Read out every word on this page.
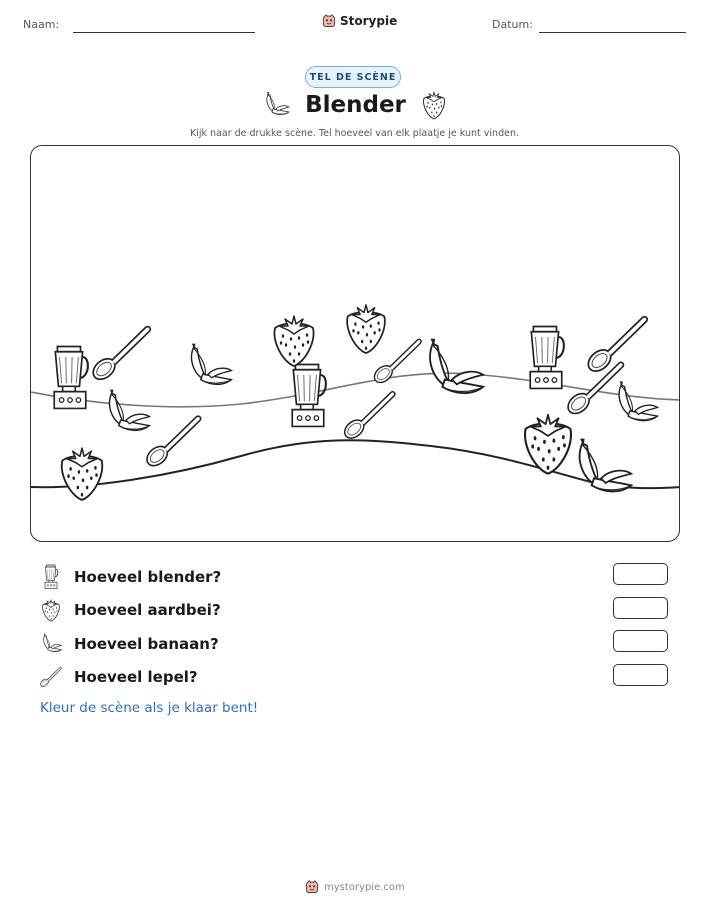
Naam:	Storypie	Datum:
TEL DE SCÈNE
Blender
Kijk naar de drukke scène. Tel hoeveel van elk plaatje je kunt vinden.
Hoeveel blender?
Hoeveel aardbei?
Hoeveel banaan?
Hoeveel lepel?
Kleur de scène als je klaar bent!
mystorypie.com
